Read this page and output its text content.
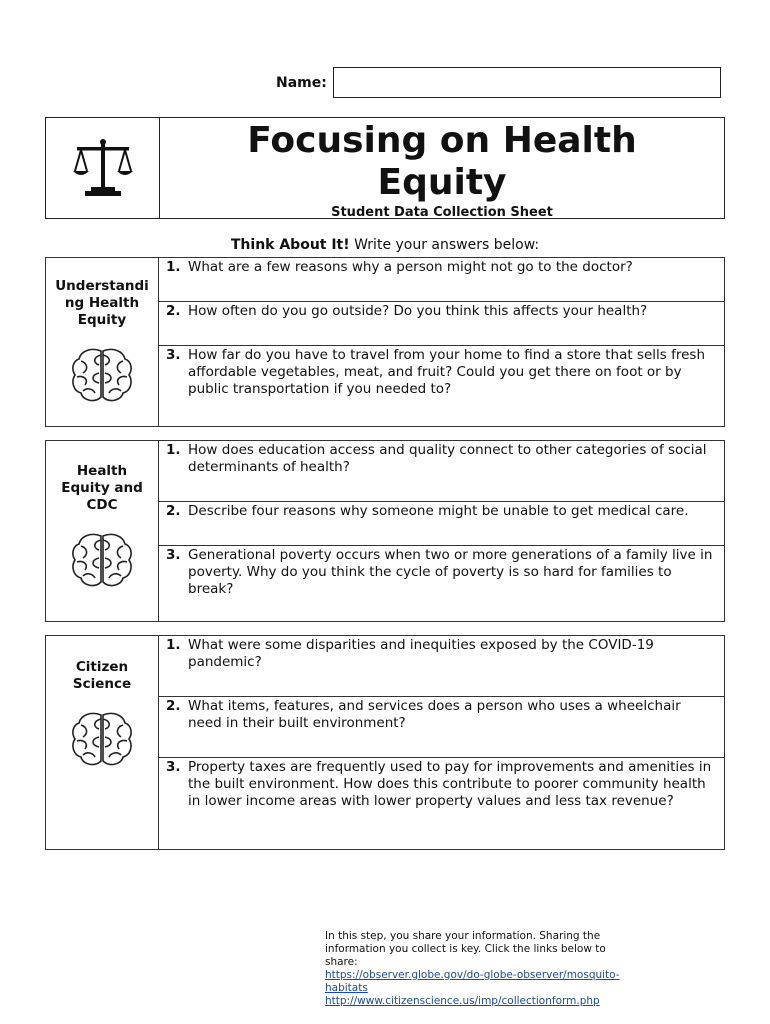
Name:
Focusing on Health
Equity
Student Data Collection Sheet
Think About It! Write your answers below:
Understandi
ng Health
Equity
1. What are a few reasons why a person might not go to the doctor?
2. How often do you go outside? Do you think this affects your health?
3. How far do you have to travel from your home to find a store that sells fresh affordable vegetables, meat, and fruit? Could you get there on foot or by public transportation if you needed to?
Health
Equity and
CDC
1. How does education access and quality connect to other categories of social determinants of health?
2. Describe four reasons why someone might be unable to get medical care.
3. Generational poverty occurs when two or more generations of a family live in poverty. Why do you think the cycle of poverty is so hard for families to break?
Citizen Science
1. What were some disparities and inequities exposed by the COVID-19 pandemic?
2. What items, features, and services does a person who uses a wheelchair need in their built environment?
3. Property taxes are frequently used to pay for improvements and amenities in the built environment. How does this contribute to poorer community health in lower income areas with lower property values and less tax revenue?
In this step, you share your information. Sharing the information you collect is key. Click the links below to share:
https://observer.globe.gov/do-globe-observer/mosquito-habitats
http://www.citizenscience.us/imp/collectionform.php
